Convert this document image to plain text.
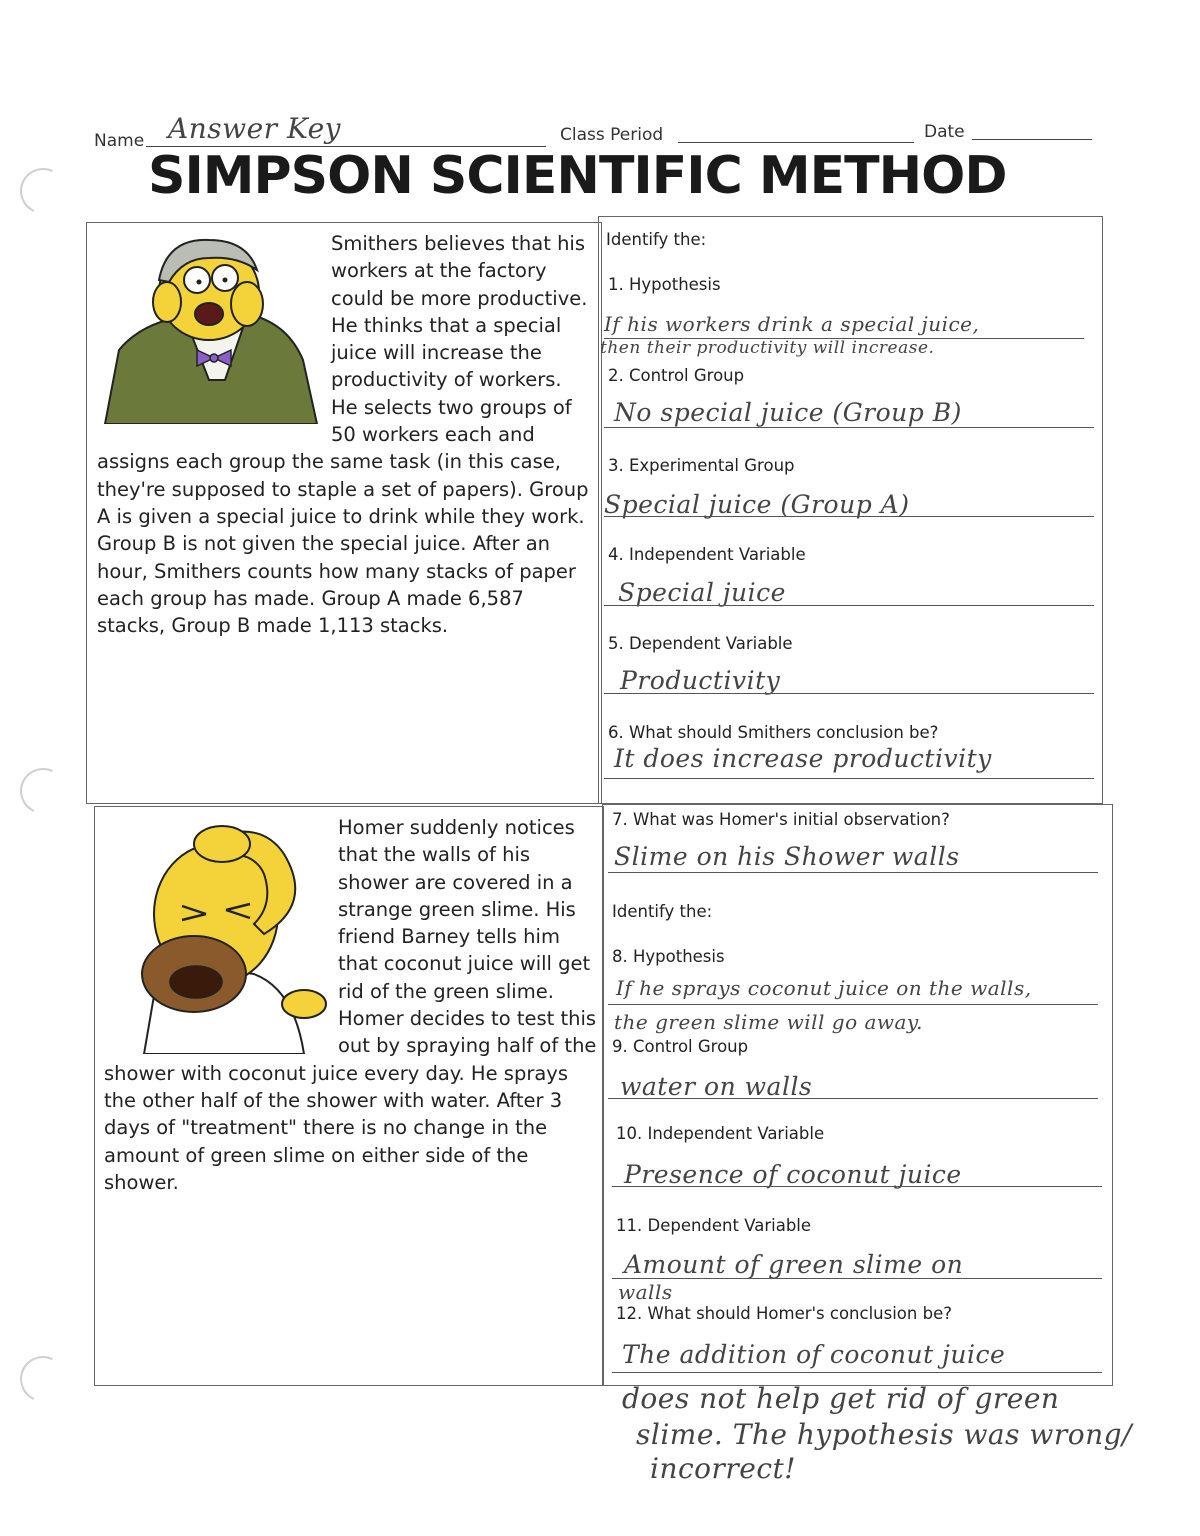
Name Answer Key	Class Period	Date
SIMPSON SCIENTIFIC METHOD
Smithers believes that his workers at the factory could be more productive. He thinks that a special juice will increase the productivity of workers. He selects two groups of 50 workers each and assigns each group the same task (in this case, they're supposed to staple a set of papers). Group A is given a special juice to drink while they work. Group B is not given the special juice. After an hour, Smithers counts how many stacks of paper each group has made. Group A made 6,587 stacks, Group B made 1,113 stacks.
Identify the:
1. Hypothesis
If his workers drink a special juice,
then their productivity will increase.
2. Control Group
No special juice (Group B)
3. Experimental Group
Special juice (Group A)
4. Independent Variable
Special juice
5. Dependent Variable
Productivity
6. What should Smithers conclusion be?
It does increase productivity
Homer suddenly notices that the walls of his shower are covered in a strange green slime. His friend Barney tells him that coconut juice will get rid of the green slime. Homer decides to test this out by spraying half of the shower with coconut juice every day. He sprays the other half of the shower with water. After 3 days of "treatment" there is no change in the amount of green slime on either side of the shower.
7. What was Homer's initial observation?
Slime on his Shower walls
Identify the:
8. Hypothesis
If he sprays coconut juice on the walls,
the green slime will go away.
9. Control Group
water on walls
10. Independent Variable
Presence of coconut juice
11. Dependent Variable
Amount of green slime on
walls
12. What should Homer's conclusion be?
The addition of coconut juice
does not help get rid of green
slime. The hypothesis was wrong/
incorrect!
